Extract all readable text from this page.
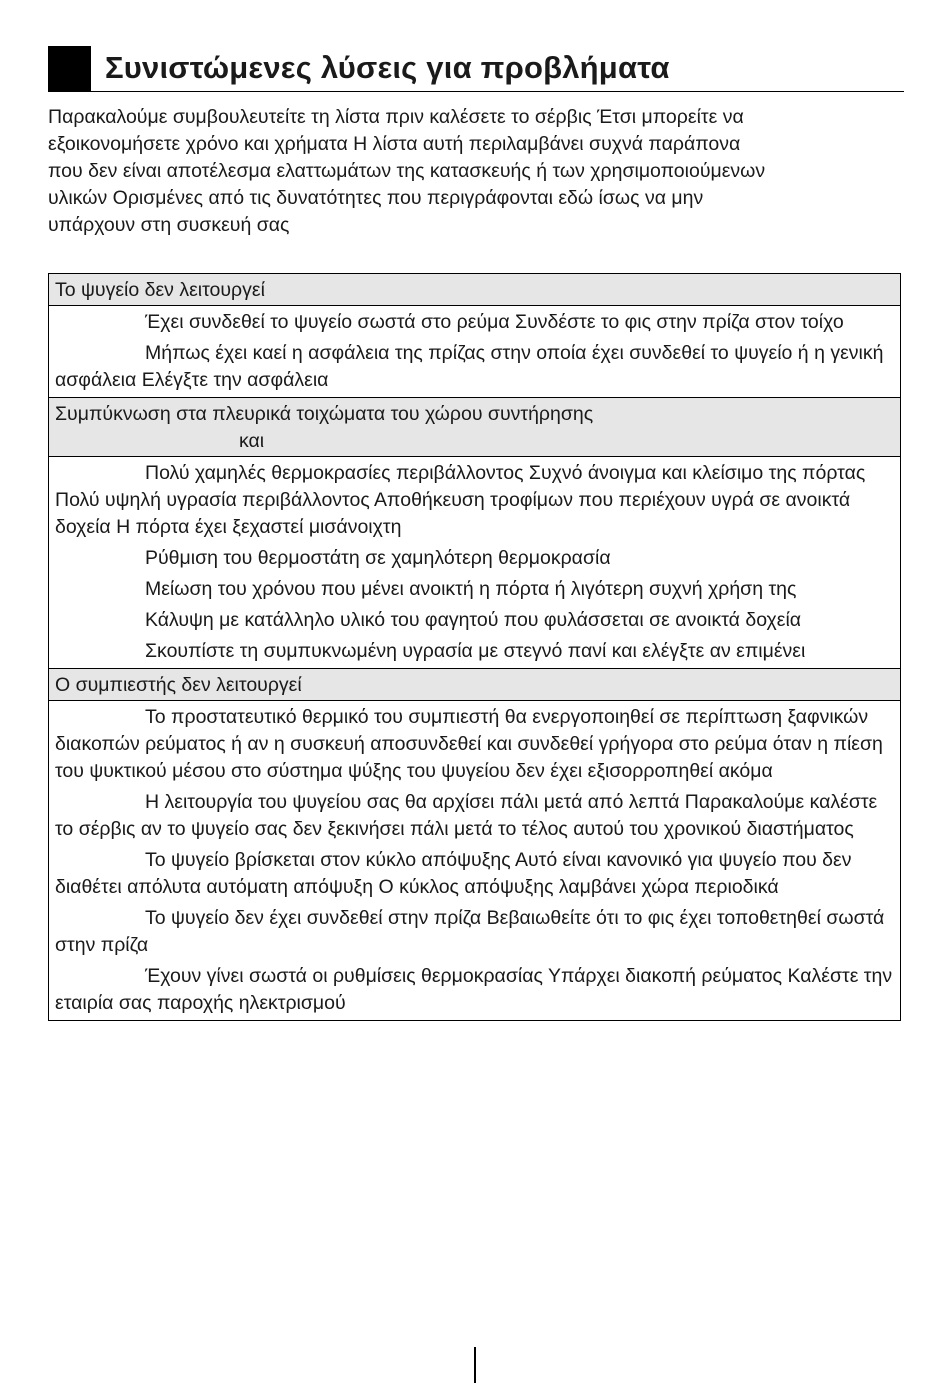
Συνιστώμενες λύσεις για προβλήματα

Παρακαλούμε συμβουλευτείτε τη λίστα πριν καλέσετε το σέρβις Έτσι μπορείτε να
εξοικονομήσετε χρόνο και χρήματα Η λίστα αυτή περιλαμβάνει συχνά παράπονα
που δεν είναι αποτέλεσμα ελαττωμάτων της κατασκευής ή των χρησιμοποιούμενων
υλικών Ορισμένες από τις δυνατότητες που περιγράφονται εδώ ίσως να μην
υπάρχουν στη συσκευή σας

Το ψυγείο δεν λειτουργεί

Έχει συνδεθεί το ψυγείο σωστά στο ρεύμα Συνδέστε το φις στην πρίζα στον τοίχο

Μήπως έχει καεί η ασφάλεια της πρίζας στην οποία έχει συνδεθεί το ψυγείο ή η γενική ασφάλεια Ελέγξτε την ασφάλεια

Συμπύκνωση στα πλευρικά τοιχώματα του χώρου συντήρησης
και

Πολύ χαμηλές θερμοκρασίες περιβάλλοντος Συχνό άνοιγμα και κλείσιμο της πόρτας Πολύ υψηλή υγρασία περιβάλλοντος Αποθήκευση τροφίμων που περιέχουν υγρά σε ανοικτά δοχεία Η πόρτα έχει ξεχαστεί μισάνοιχτη

Ρύθμιση του θερμοστάτη σε χαμηλότερη θερμοκρασία

Μείωση του χρόνου που μένει ανοικτή η πόρτα ή λιγότερη συχνή χρήση της

Κάλυψη με κατάλληλο υλικό του φαγητού που φυλάσσεται σε ανοικτά δοχεία

Σκουπίστε τη συμπυκνωμένη υγρασία με στεγνό πανί και ελέγξτε αν επιμένει

Ο συμπιεστής δεν λειτουργεί

Το προστατευτικό θερμικό του συμπιεστή θα ενεργοποιηθεί σε περίπτωση ξαφνικών διακοπών ρεύματος ή αν η συσκευή αποσυνδεθεί και συνδεθεί γρήγορα στο ρεύμα όταν η πίεση του ψυκτικού μέσου στο σύστημα ψύξης του ψυγείου δεν έχει εξισορροπηθεί ακόμα

Η λειτουργία του ψυγείου σας θα αρχίσει πάλι μετά από λεπτά Παρακαλούμε καλέστε το σέρβις αν το ψυγείο σας δεν ξεκινήσει πάλι μετά το τέλος αυτού του χρονικού διαστήματος

Το ψυγείο βρίσκεται στον κύκλο απόψυξης Αυτό είναι κανονικό για ψυγείο που δεν διαθέτει απόλυτα αυτόματη απόψυξη Ο κύκλος απόψυξης λαμβάνει χώρα περιοδικά

Το ψυγείο δεν έχει συνδεθεί στην πρίζα Βεβαιωθείτε ότι το φις έχει τοποθετηθεί σωστά στην πρίζα

Έχουν γίνει σωστά οι ρυθμίσεις θερμοκρασίας Υπάρχει διακοπή ρεύματος Καλέστε την εταιρία σας παροχής ηλεκτρισμού
